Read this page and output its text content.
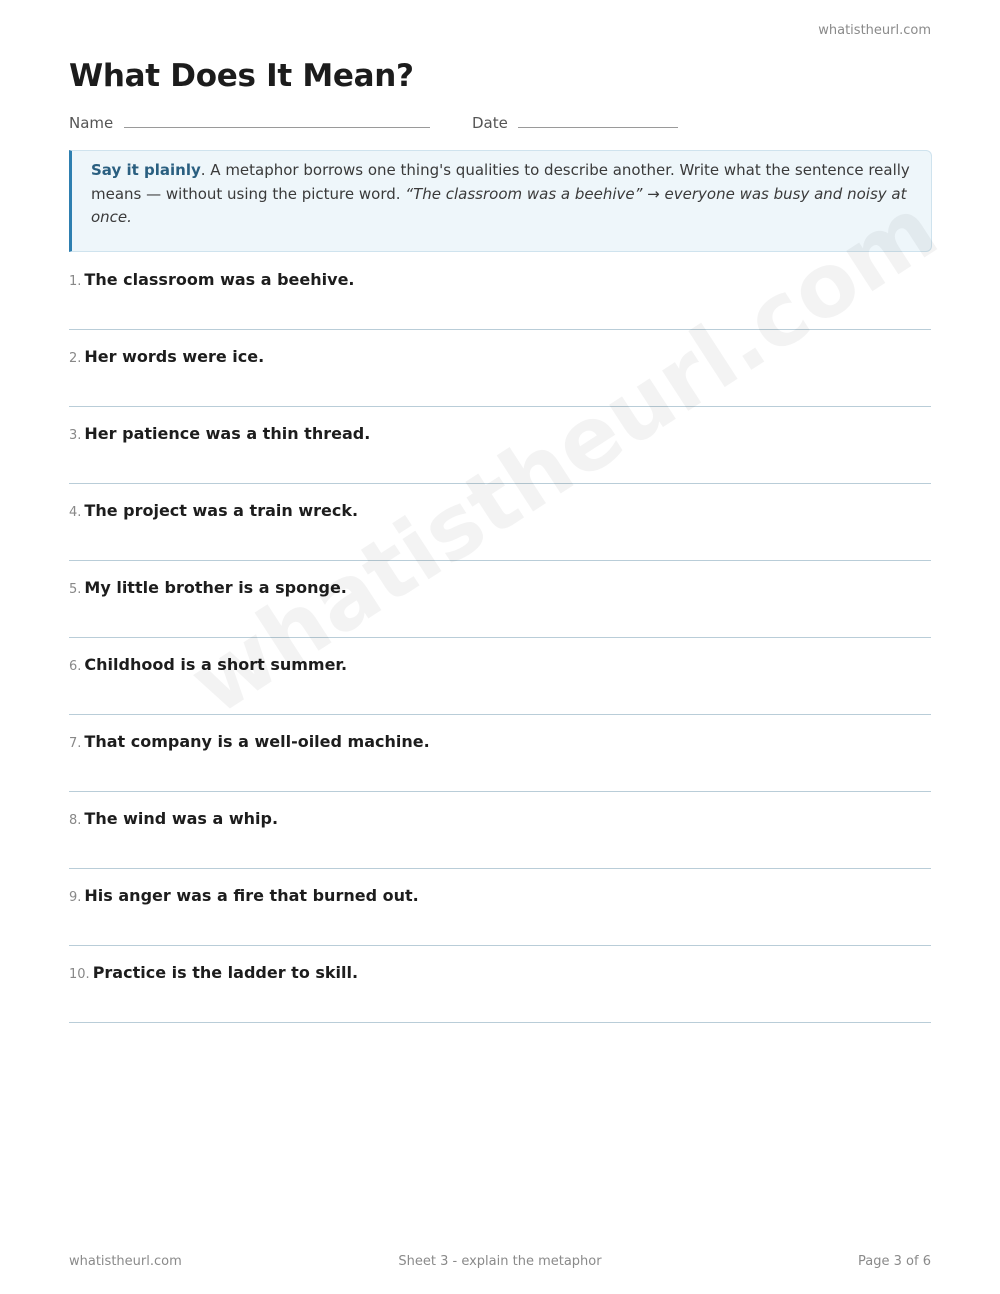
whatistheurl.com
What Does It Mean?
Name	Date
Say it plainly. A metaphor borrows one thing's qualities to describe another. Write what the sentence really means — without using the picture word. “The classroom was a beehive” → everyone was busy and noisy at once.
1. The classroom was a beehive.
2. Her words were ice.
3. Her patience was a thin thread.
4. The project was a train wreck.
5. My little brother is a sponge.
6. Childhood is a short summer.
7. That company is a well-oiled machine.
8. The wind was a whip.
9. His anger was a fire that burned out.
10. Practice is the ladder to skill.
whatistheurl.com	Sheet 3 - explain the metaphor	Page 3 of 6
